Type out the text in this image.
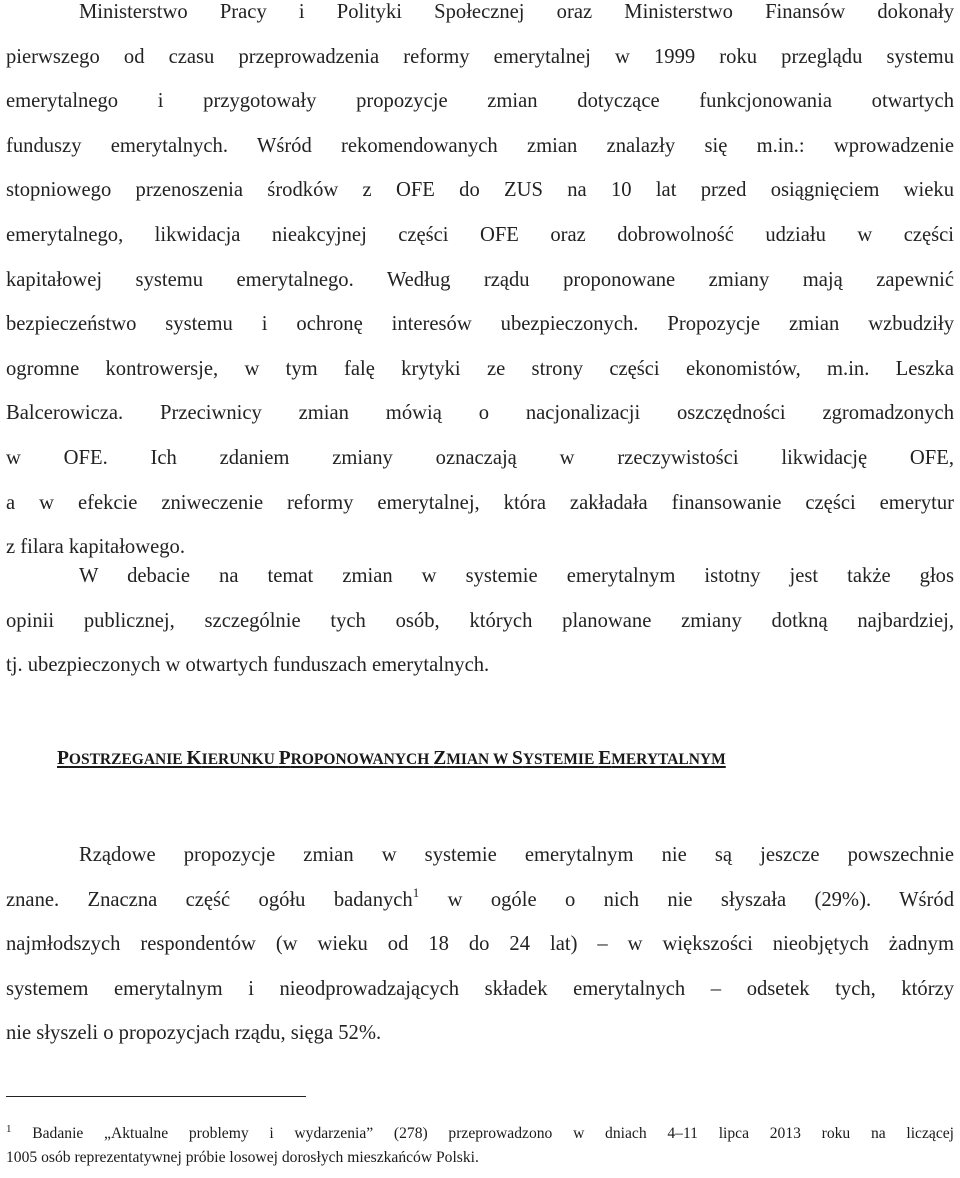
Ministerstwo Pracy i Polityki Społecznej oraz Ministerstwo Finansów dokonały
pierwszego od czasu przeprowadzenia reformy emerytalnej w 1999 roku przeglądu systemu
emerytalnego i przygotowały propozycje zmian dotyczące funkcjonowania otwartych
funduszy emerytalnych. Wśród rekomendowanych zmian znalazły się m.in.: wprowadzenie
stopniowego przenoszenia środków z OFE do ZUS na 10 lat przed osiągnięciem wieku
emerytalnego, likwidacja nieakcyjnej części OFE oraz dobrowolność udziału w części
kapitałowej systemu emerytalnego. Według rządu proponowane zmiany mają zapewnić
bezpieczeństwo systemu i ochronę interesów ubezpieczonych. Propozycje zmian wzbudziły
ogromne kontrowersje, w tym falę krytyki ze strony części ekonomistów, m.in. Leszka
Balcerowicza. Przeciwnicy zmian mówią o nacjonalizacji oszczędności zgromadzonych
w OFE. Ich zdaniem zmiany oznaczają w rzeczywistości likwidację OFE,
a w efekcie zniweczenie reformy emerytalnej, która zakładała finansowanie części emerytur
z filara kapitałowego.

W debacie na temat zmian w systemie emerytalnym istotny jest także głos
opinii publicznej, szczególnie tych osób, których planowane zmiany dotkną najbardziej,
tj. ubezpieczonych w otwartych funduszach emerytalnych.

POSTRZEGANIE KIERUNKU PROPONOWANYCH ZMIAN W SYSTEMIE EMERYTALNYM

Rządowe propozycje zmian w systemie emerytalnym nie są jeszcze powszechnie
znane. Znaczna część ogółu badanych$^1$ w ogóle o nich nie słyszała (29%). Wśród
najmłodszych respondentów (w wieku od 18 do 24 lat) – w większości nieobjętych żadnym
systemem emerytalnym i nieodprowadzających składek emerytalnych – odsetek tych, którzy
nie słyszeli o propozycjach rządu, sięga 52%.

$^1$ Badanie „Aktualne problemy i wydarzenia” (278) przeprowadzono w dniach 4–11 lipca 2013 roku na liczącej
1005 osób reprezentatywnej próbie losowej dorosłych mieszkańców Polski.
